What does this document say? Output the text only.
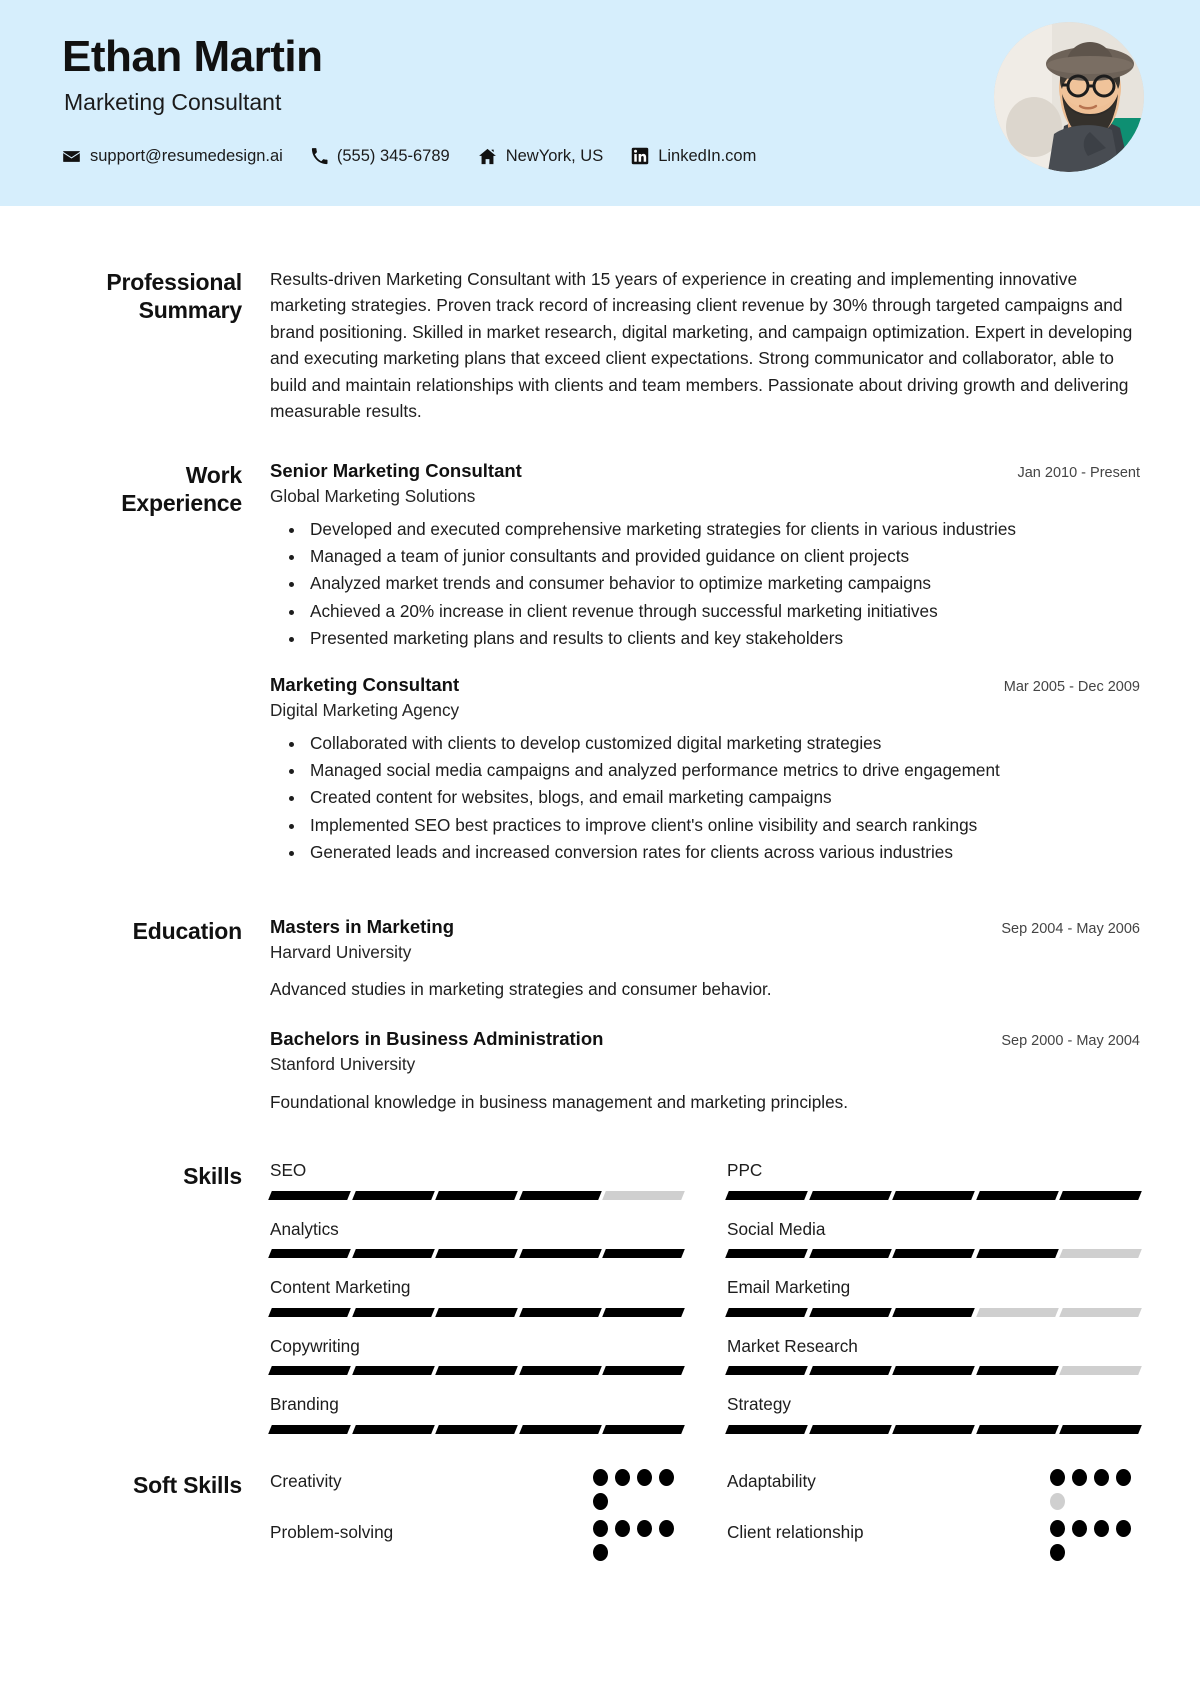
Ethan Martin
Marketing Consultant
support@resumedesign.ai	(555) 345-6789	NewYork, US	LinkedIn.com
Professional Summary

Results-driven Marketing Consultant with 15 years of experience in creating and implementing innovative marketing strategies. Proven track record of increasing client revenue by 30% through targeted campaigns and brand positioning. Skilled in market research, digital marketing, and campaign optimization. Expert in developing and executing marketing plans that exceed client expectations. Strong communicator and collaborator, able to build and maintain relationships with clients and team members. Passionate about driving growth and delivering measurable results.

Work Experience
Senior Marketing Consultant	Jan 2010 - Present
Global Marketing Solutions
• Developed and executed comprehensive marketing strategies for clients in various industries
• Managed a team of junior consultants and provided guidance on client projects
• Analyzed market trends and consumer behavior to optimize marketing campaigns
• Achieved a 20% increase in client revenue through successful marketing initiatives
• Presented marketing plans and results to clients and key stakeholders
Marketing Consultant	Mar 2005 - Dec 2009
Digital Marketing Agency
• Collaborated with clients to develop customized digital marketing strategies
• Managed social media campaigns and analyzed performance metrics to drive engagement
• Created content for websites, blogs, and email marketing campaigns
• Implemented SEO best practices to improve client's online visibility and search rankings
• Generated leads and increased conversion rates for clients across various industries
Education Masters in Marketing	Sep 2004 - May 2006
Harvard University
Advanced studies in marketing strategies and consumer behavior.
Bachelors in Business Administration	Sep 2000 - May 2004
Stanford University
Foundational knowledge in business management and marketing principles.
Skills SEO	PPC
Analytics	Social Media
Content Marketing	Email Marketing
Copywriting	Market Research
Branding	Strategy
Soft Skills Creativity	Adaptability
Problem-solving	Client relationship
